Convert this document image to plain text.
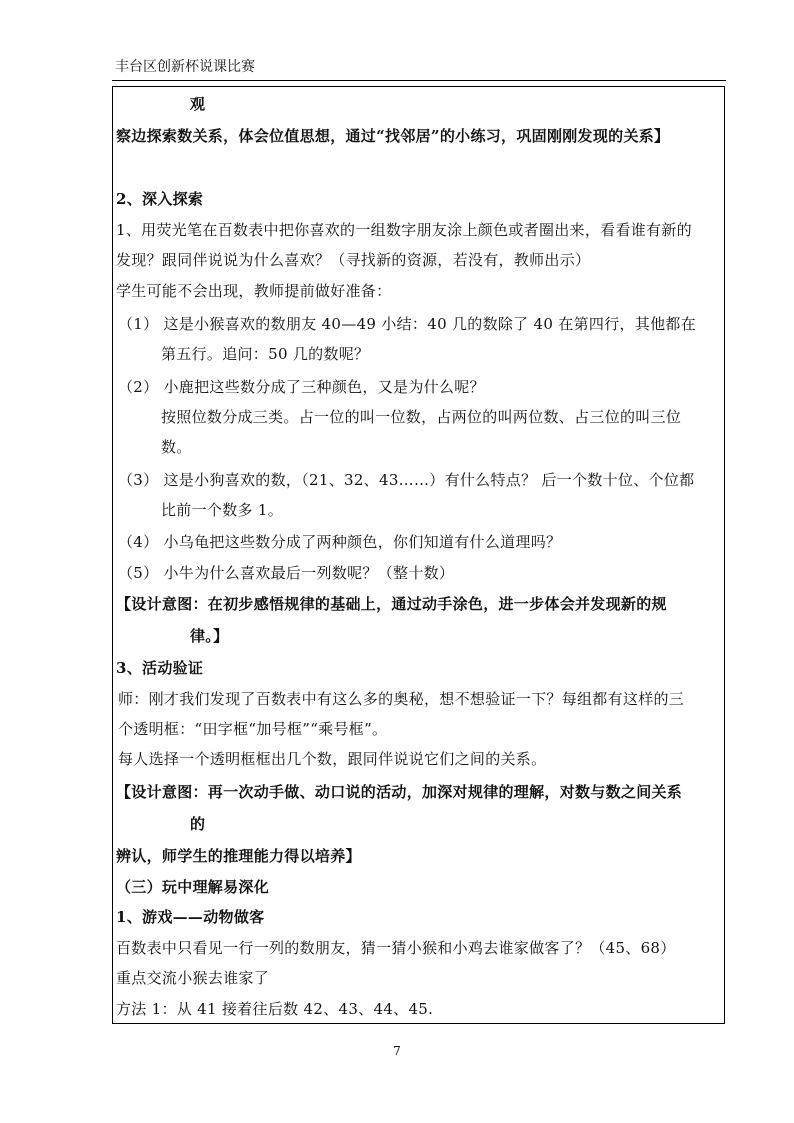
丰台区创新杯说课比赛
观
察边探索数关系，体会位值思想，通过“找邻居”的小练习，巩固刚刚发现的关系】
2、深入探索
1、用荧光笔在百数表中把你喜欢的一组数字朋友涂上颜色或者圈出来，看看谁有新的
发现？跟同伴说说为什么喜欢？（寻找新的资源，若没有，教师出示）
学生可能不会出现，教师提前做好准备：
（1） 这是小猴喜欢的数朋友 40—49 小结：40 几的数除了 40 在第四行，其他都在
第五行。追问：50 几的数呢？
（2） 小鹿把这些数分成了三种颜色，又是为什么呢？
按照位数分成三类。占一位的叫一位数，占两位的叫两位数、占三位的叫三位
数。
（3） 这是小狗喜欢的数，（21、32、43……）有什么特点？ 后一个数十位、个位都
比前一个数多 1。
（4） 小乌龟把这些数分成了两种颜色，你们知道有什么道理吗？
（5） 小牛为什么喜欢最后一列数呢？（整十数）
【设计意图：在初步感悟规律的基础上，通过动手涂色，进一步体会并发现新的规
律。】
3、活动验证
师：刚才我们发现了百数表中有这么多的奥秘，想不想验证一下？每组都有这样的三
个透明框：“田字框“加号框”“乘号框”。
每人选择一个透明框框出几个数，跟同伴说说它们之间的关系。
【设计意图：再一次动手做、动口说的活动，加深对规律的理解，对数与数之间关系
的
辨认，师学生的推理能力得以培养】
（三）玩中理解易深化
1、游戏——动物做客
百数表中只看见一行一列的数朋友，猜一猜小猴和小鸡去谁家做客了？（45、68）
重点交流小猴去谁家了
方法 1：从 41 接着往后数 42、43、44、45.
7
